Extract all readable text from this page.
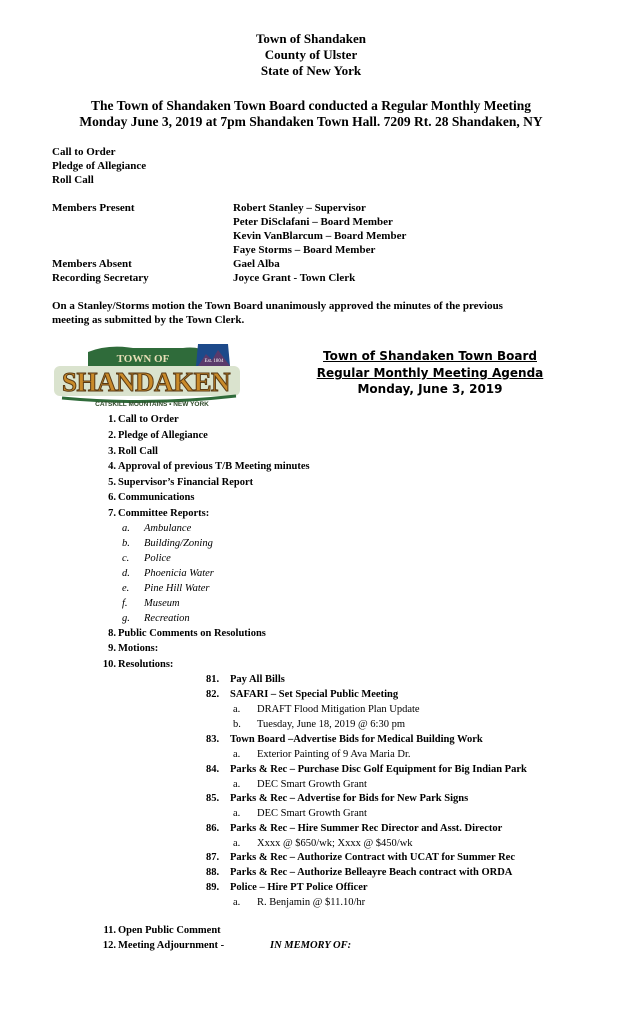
Town of Shandaken
County of Ulster
State of New York
The Town of Shandaken Town Board conducted a Regular Monthly Meeting
Monday June 3, 2019 at 7pm Shandaken Town Hall. 7209 Rt. 28 Shandaken, NY
Call to Order
Pledge of Allegiance
Roll Call
Members Present	Robert Stanley – Supervisor
Peter DiSclafani – Board Member
Kevin VanBlarcum – Board Member
Faye Storms – Board Member
Members Absent	Gael Alba
Recording Secretary	Joyce Grant - Town Clerk
On a Stanley/Storms motion the Town Board unanimously approved the minutes of the previous
meeting as submitted by the Town Clerk.
TOWN OF	Est. 1804
SHANDAKEN
CATSKILL MOUNTAINS • NEW YORK
Town of Shandaken Town Board
Regular Monthly Meeting Agenda
Monday, June 3, 2019
1. Call to Order
2. Pledge of Allegiance
3. Roll Call
4. Approval of previous T/B Meeting minutes
5. Supervisor’s Financial Report
6. Communications
7. Committee Reports:
a.	Ambulance
b.	Building/Zoning
c.	Police
d.	Phoenicia Water
e.	Pine Hill Water
f.	Museum
g.	Recreation
8. Public Comments on Resolutions
9. Motions:
10. Resolutions:
81. Pay All Bills
82. SAFARI – Set Special Public Meeting
a. DRAFT Flood Mitigation Plan Update
b. Tuesday, June 18, 2019 @ 6:30 pm
83. Town Board –Advertise Bids for Medical Building Work
a. Exterior Painting of 9 Ava Maria Dr.
84. Parks & Rec – Purchase Disc Golf Equipment for Big Indian Park
a. DEC Smart Growth Grant
85. Parks & Rec – Advertise for Bids for New Park Signs
a. DEC Smart Growth Grant
86. Parks & Rec – Hire Summer Rec Director and Asst. Director
a. Xxxx @ $650/wk; Xxxx @ $450/wk
87. Parks & Rec – Authorize Contract with UCAT for Summer Rec
88. Parks & Rec – Authorize Belleayre Beach contract with ORDA
89. Police – Hire PT Police Officer
a. R. Benjamin @ $11.10/hr
11. Open Public Comment
12. Meeting Adjournment -	IN MEMORY OF:
